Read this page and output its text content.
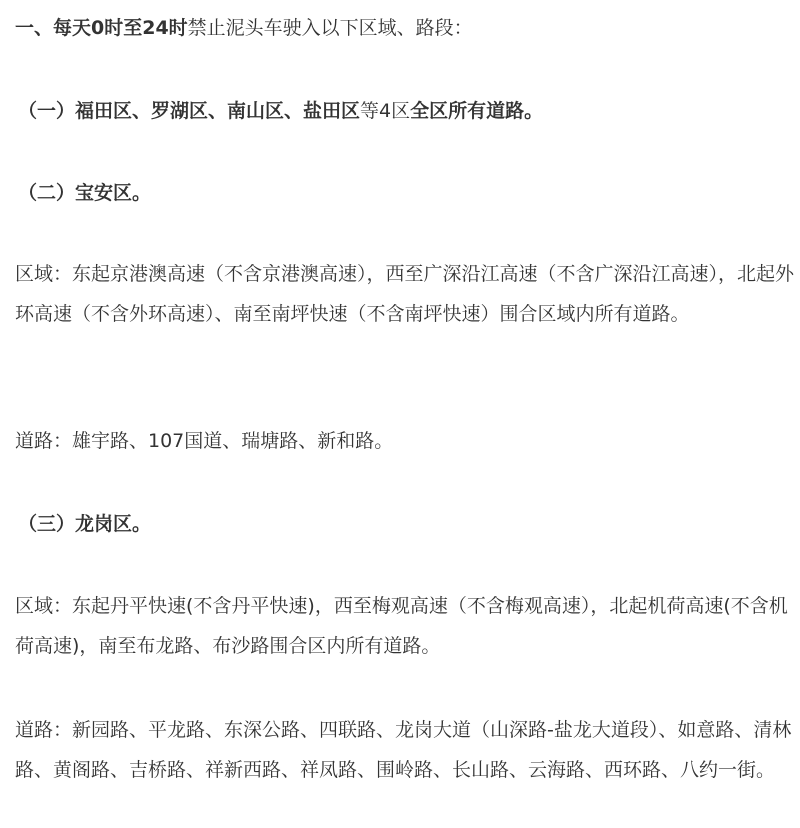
一、每天0时至24时禁止泥头车驶入以下区域、路段：

（一）福田区、罗湖区、南山区、盐田区等4区全区所有道路。

（二）宝安区。

区域：东起京港澳高速（不含京港澳高速），西至广深沿江高速（不含广深沿江高速），北起外环高速（不含外环高速）、南至南坪快速（不含南坪快速）围合区域内所有道路。

道路：雄宇路、107国道、瑞塘路、新和路。

（三）龙岗区。

区域：东起丹平快速(不含丹平快速)，西至梅观高速（不含梅观高速），北起机荷高速(不含机荷高速)，南至布龙路、布沙路围合区内所有道路。

道路：新园路、平龙路、东深公路、四联路、龙岗大道（山深路-盐龙大道段）、如意路、清林路、黄阁路、吉桥路、祥新西路、祥凤路、围岭路、长山路、云海路、西环路、八约一街。
